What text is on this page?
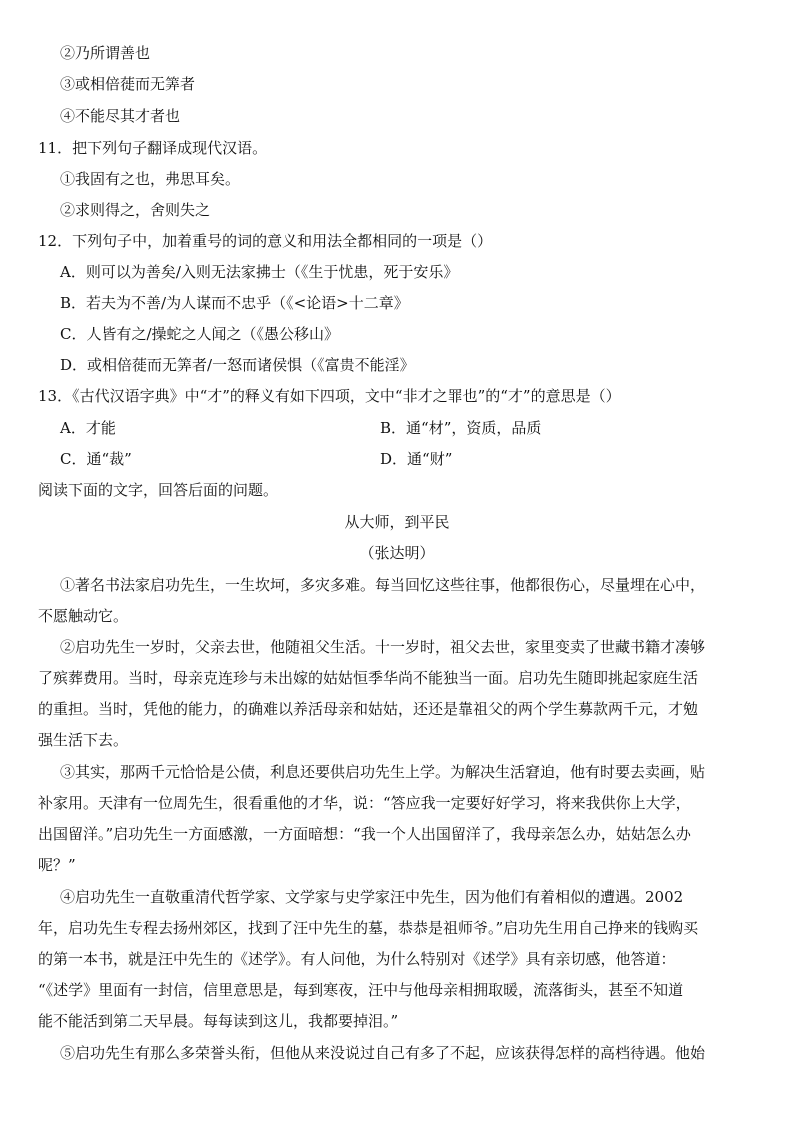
②乃所谓善也
③或相倍蓰而无筭者
④不能尽其才者也
11．把下列句子翻译成现代汉语。
①我固有之也，弗思耳矣。
②求则得之，舍则失之
12．下列句子中，加着重号的词的意义和用法全都相同的一项是（）
A．则可以为善矣/入则无法家拂士（《生于忧患，死于安乐》
B．若夫为不善/为人谋而不忠乎（《<论语>十二章》
C．人皆有之/操蛇之人闻之（《愚公移山》
D．或相倍蓰而无筭者/一怒而诸侯惧（《富贵不能淫》
13．《古代汉语字典》中“才”的释义有如下四项，文中“非才之罪也”的“才”的意思是（）
A．才能	B．通“材”，资质，品质
C．通“裁”	D．通“财”
阅读下面的文字，回答后面的问题。
从大师，到平民
（张达明）
①著名书法家启功先生，一生坎坷，多灾多难。每当回忆这些往事，他都很伤心，尽量埋在心中，
不愿触动它。
②启功先生一岁时，父亲去世，他随祖父生活。十一岁时，祖父去世，家里变卖了世藏书籍才凑够
了殡葬费用。当时，母亲克连珍与未出嫁的姑姑恒季华尚不能独当一面。启功先生随即挑起家庭生活
的重担。当时，凭他的能力，的确难以养活母亲和姑姑，还还是靠祖父的两个学生募款两千元，才勉
强生活下去。
③其实，那两千元恰恰是公债，利息还要供启功先生上学。为解决生活窘迫，他有时要去卖画，贴
补家用。天津有一位周先生，很看重他的才华，说：“答应我一定要好好学习，将来我供你上大学，
出国留洋。”启功先生一方面感激，一方面暗想：“我一个人出国留洋了，我母亲怎么办，姑姑怎么办
呢？”
④启功先生一直敬重清代哲学家、文学家与史学家汪中先生，因为他们有着相似的遭遇。2002
年，启功先生专程去扬州郊区，找到了汪中先生的墓，恭恭是祖师爷。”启功先生用自己挣来的钱购买
的第一本书，就是汪中先生的《述学》。有人问他，为什么特别对《述学》具有亲切感，他答道：
“《述学》里面有一封信，信里意思是，每到寒夜，汪中与他母亲相拥取暖，流落街头，甚至不知道
能不能活到第二天早晨。每每读到这儿，我都要掉泪。”
⑤启功先生有那么多荣誉头衔，但他从来没说过自己有多了不起，应该获得怎样的高档待遇。他始
